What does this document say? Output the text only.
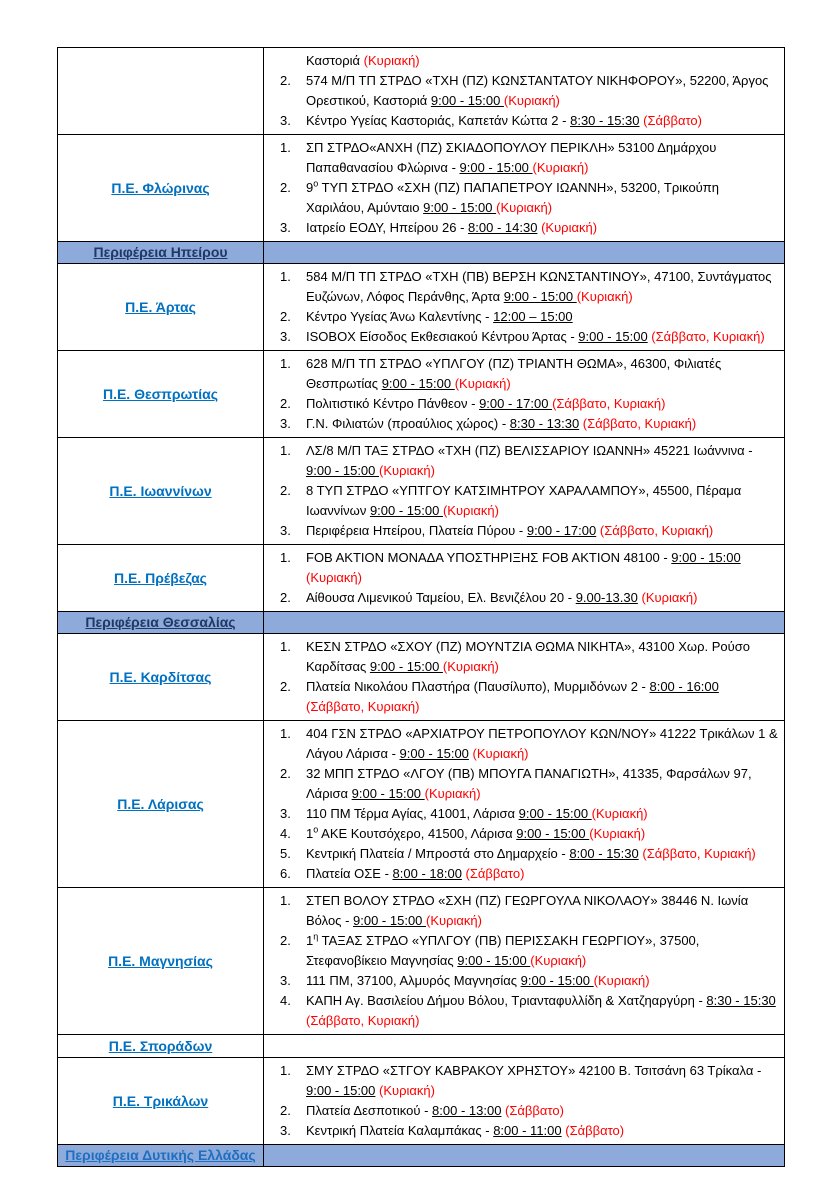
	Καστοριά (Κυριακή)
2. 574 Μ/Π ΤΠ ΣΤΡΔΟ «ΤΧΗ (ΠΖ) ΚΩΝΣΤΑΝΤΑΤΟΥ ΝΙΚΗΦΟΡΟΥ», 52200, Άργος Ορεστικού, Καστοριά 9:00 - 15:00 (Κυριακή)
3. Κέντρο Υγείας Καστοριάς, Καπετάν Κώττα 2 - 8:30 - 15:30 (Σάββατο)

Π.Ε. Φλώρινας	
1.	ΣΠ ΣΤΡΔΟ«ΑΝΧΗ (ΠΖ) ΣΚΙΑΔΟΠΟΥΛΟΥ ΠΕΡΙΚΛΗ» 53100 Δημάρχου Παπαθανασίου Φλώρινα - 9:00 - 15:00 (Κυριακή)
2.	$9^o$ ΤΥΠ ΣΤΡΔΟ «ΣΧΗ (ΠΖ) ΠΑΠΑΠΕΤΡΟΥ ΙΩΑΝΝΗ», 53200, Τρικούπη Χαριλάου, Αμύνταιο 9:00 - 15:00 (Κυριακή)
3.	Ιατρείο ΕΟΔΥ, Ηπείρου 26 - 8:00 - 14:30 (Κυριακή)

Περιφέρεια Ηπείρου	
Π.Ε. Άρτας	
1.	584 Μ/Π ΤΠ ΣΤΡΔΟ «ΤΧΗ (ΠΒ) ΒΕΡΣΗ ΚΩΝΣΤΑΝΤΙΝΟΥ», 47100, Συντάγματος Ευζώνων, Λόφος Περάνθης, Άρτα 9:00 - 15:00 (Κυριακή)
2.	Κέντρο Υγείας Άνω Καλεντίνης - 12:00 – 15:00
3.	ISOBOX Είσοδος Εκθεσιακού Κέντρου Άρτας - 9:00 - 15:00 (Σάββατο, Κυριακή)

Π.Ε. Θεσπρωτίας	
1.	628 Μ/Π ΤΠ ΣΤΡΔΟ «ΥΠΛΓΟΥ (ΠΖ) ΤΡΙΑΝΤΗ ΘΩΜΑ», 46300, Φιλιατές Θεσπρωτίας 9:00 - 15:00 (Κυριακή)
2.	Πολιτιστικό Κέντρο Πάνθεον - 9:00 - 17:00 (Σάββατο, Κυριακή)
3.	Γ.Ν. Φιλιατών (προαύλιος χώρος) - 8:30 - 13:30 (Σάββατο, Κυριακή)

Π.Ε. Ιωαννίνων	
1.	ΛΣ/8 Μ/Π ΤΑΞ ΣΤΡΔΟ «ΤΧΗ (ΠΖ) ΒΕΛΙΣΣΑΡΙΟΥ ΙΩΑΝΝΗ» 45221 Ιωάννινα - 9:00 - 15:00 (Κυριακή)
2.	8 ΤΥΠ ΣΤΡΔΟ «ΥΠΤΓΟΥ ΚΑΤΣΙΜΗΤΡΟΥ ΧΑΡΑΛΑΜΠΟΥ», 45500, Πέραμα Ιωαννίνων 9:00 - 15:00 (Κυριακή)
3.	Περιφέρεια Ηπείρου, Πλατεία Πύρου - 9:00 - 17:00 (Σάββατο, Κυριακή)

Π.Ε. Πρέβεζας	1. FOB AKTION ΜΟΝΑΔΑ ΥΠΟΣΤΗΡΙΞΗΣ FOB AKTION 48100 - 9:00 - 15:00 (Κυριακή)
2. Αίθουσα Λιμενικού Ταμείου, Ελ. Βενιζέλου 20 - 9.00-13.30 (Κυριακή)

Περιφέρεια Θεσσαλίας	
Π.Ε. Καρδίτσας	1. ΚΕΣΝ ΣΤΡΔΟ «ΣΧΟΥ (ΠΖ) ΜΟΥΝΤΖΙΑ ΘΩΜΑ ΝΙΚΗΤΑ», 43100 Χωρ. Ρούσο Καρδίτσας 9:00 - 15:00 (Κυριακή)
2. Πλατεία Νικολάου Πλαστήρα (Παυσίλυπο), Μυρμιδόνων 2 - 8:00 - 16:00 (Σάββατο, Κυριακή)

Π.Ε. Λάρισας	
1.	404 ΓΣΝ ΣΤΡΔΟ «ΑΡΧΙΑΤΡΟΥ ΠΕΤΡΟΠΟΥΛΟΥ ΚΩΝ/ΝΟΥ» 41222 Τρικάλων 1 & Λάγου Λάρισα - 9:00 - 15:00 (Κυριακή)
2.	32 ΜΠΠ ΣΤΡΔΟ «ΛΓΟΥ (ΠΒ) ΜΠΟΥΓΑ ΠΑΝΑΓΙΩΤΗ», 41335, Φαρσάλων 97, Λάρισα 9:00 - 15:00 (Κυριακή)
3.	110 ΠΜ Τέρμα Αγίας, 41001, Λάρισα 9:00 - 15:00 (Κυριακή)
4.	$1^o$ ΑΚΕ Κουτσόχερο, 41500, Λάρισα 9:00 - 15:00 (Κυριακή)
5.	Κεντρική Πλατεία / Μπροστά στο Δημαρχείο - 8:00 - 15:30 (Σάββατο, Κυριακή)
6.	Πλατεία ΟΣΕ - 8:00 - 18:00 (Σάββατο)

Π.Ε. Μαγνησίας	
1.	ΣΤΕΠ ΒΟΛΟΥ ΣΤΡΔΟ «ΣΧΗ (ΠΖ) ΓΕΩΡΓΟΥΛΑ ΝΙΚΟΛΑΟΥ» 38446 Ν. Ιωνία Βόλος - 9:00 - 15:00 (Κυριακή)
2.	$1^\eta$ ΤΑΞΑΣ ΣΤΡΔΟ «ΥΠΛΓΟΥ (ΠΒ) ΠΕΡΙΣΣΑΚΗ ΓΕΩΡΓΙΟΥ», 37500, Στεφανοβίκειο Μαγνησίας 9:00 - 15:00 (Κυριακή)
3.	111 ΠΜ, 37100, Αλμυρός Μαγνησίας 9:00 - 15:00 (Κυριακή)
4.	ΚΑΠΗ Αγ. Βασιλείου Δήμου Βόλου, Τριανταφυλλίδη & Χατζηαργύρη - 8:30 - 15:30 (Σάββατο, Κυριακή)

Π.Ε. Σποράδων	
Π.Ε. Τρικάλων	
1.	ΣΜΥ ΣΤΡΔΟ «ΣΤΓΟΥ ΚΑΒΡΑΚΟΥ ΧΡΗΣΤΟΥ» 42100 Β. Τσιτσάνη 63 Τρίκαλα - 9:00 - 15:00 (Κυριακή)
2.	Πλατεία Δεσποτικού - 8:00 - 13:00 (Σάββατο)
3.	Κεντρική Πλατεία Καλαμπάκας - 8:00 - 11:00 (Σάββατο)

Περιφέρεια Δυτικής Ελλάδας	
